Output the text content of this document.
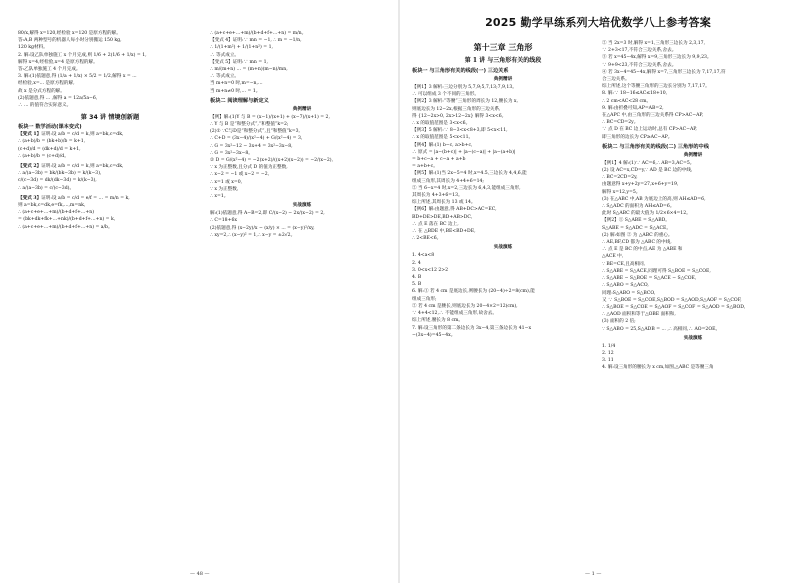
80/x,解得 x=120,经检验 x=120 是原方程的解。
答:A,B 两种型号的机器人每小时分别搬运 150 kg,
120 kg材料。
2. 解:设乙队单独施工 x 个月完成,则 1/6 + 2(1/6 + 1/x) = 1,
解得 x=4,经检验,x=4 是原方程的解。
答:乙队单独施工 4 个月完成。
3. 解:(1)依题意,得 (1/a + 1/x) × 5/2 = 1/2,解得 x = ...
经检验,x=... 是原方程的解,
故 x 是分式方程的解。
(2)依题意,得 ... ,解得 a = 12a/5a−6,
∴ ... 的值符合实际意义。
第 34 讲 情境创新题
板块一 数学活动(课本变式)
【变式 1】证明:设 a/b = c/d = k,则 a=bk,c=dk,
∴ (a+b)/b = (bk+b)/b = k+1,
(c+d)/d = (dk+d)/d = k+1,
∴ (a+b)/b = (c+d)/d。
【变式 2】证明:设 a/b = c/d = k,则 a=bk,c=dk,
∴ a/(a−3b) = bk/(bk−3b) = k/(k−3),
c/(c−3d) = dk/(dk−3d) = k/(k−3),
∴ a/(a−3b) = c/(c−3d)。
【变式 3】证明:设 a/b = c/d = e/f = … = m/n = k,
则 a=bk,c=dk,e=fk,…,m=nk,
∴ (a+c+e+…+m)/(b+d+f+…+n)
= (bk+dk+fk+…+nk)/(b+d+f+…+n) = k,
∴ (a+c+e+…+m)/(b+d+f+…+n) = a/b。
∴ (a+c+e+…+m)/(b+d+f+…+n) = m/n。
【变式 4】证明:∵ mn = −1, ∴ m = −1/n,
∴ 1/(1+m²) + 1/(1+n²) = 1,
∴ 等式成立。
【变式 5】证明:∵ mn = 1,
∴ m/(m+n) … = (m+n)(m−n)/mn,
∴ 等式成立。
当 m+n=0 时,m=−n,…
当 m+n≠0 时,… = 1。
板块二 阅读理解与新定义
典例精讲
【例】解:(1)Y 与 B = (x−1)/(x+1) + (x−7)/(x+1) = 2,
∴ Y 与 B 是“和整分式”,“和整值”k=2;
(2)① ∵C与D是“和整分式”,且“和整值”k=3,
∴ C+D = (3x−4)/(x²−4) + G/(x²−4) = 3,
∴ G = 3x²−12 − 3x+4 = 3x²−3x−8,
∴ G = 3x²−3x−8。
② D = G/(x²−4) = −2(x+2)/((x+2)(x−2)) = −2/(x−2),
∵ x 为正整数,且分式 D 的值为正整数,
∴ x−2 = −1 或 x−2 = −2,
∴ x=1 或 x=0,
∵ x 为正整数,
∴ x=1。
实战演练
解:(1)依题意,得 A−B=2,即 C/(x−2) − 2x/(x−2) = 2,
∴ C=18+6x
(2)依题意,得 (x−2y)/x − (x/y) × ... = (x−y)²/xy,
∴ xy=2,∴ (x−y)² = 1,∴ x−y = ±2√2。
— 48 —
2025 勤学早练系列大培优数学八上参考答案
第十三章 三角形
第 1 讲 与三角形有关的线段
板块一 与三角形有关的线段(一) 三边关系
典例精讲
【例1】3 解析:三边分别为 5,7,9;5,7,13;7,9,13。
∴ 可以组成 3 个不同的三角形。
【例2】3 解析:“等腰”三角形的周长为 12,腰长为 x,
则底边长为 12−2x,根据三角形的三边关系,
得 {12−2x>0, 2x>12−2x} 解得 3<x<6。
∴ x 的取值范围是 3<x<6。
【例3】5 解析:∵ 8−3<x<8+3,即 5<x<11,
∴ x 的取值范围是 5<x<11。
【例4】解:(1) b−c, a>b+c,
∴ 原式 = |a−(b+c)| + |a−(c−a)| + |a−(a+b)|
= b+c−a + c−a + a+b
= a+b+c。
【例5】解:(1)当 2x−5=4 时,x=4.5,三边长为 4,4,6,能
组成三角形,其周长为 4+4+6=14;
② 当 6−x=4 时,x=2,三边长为 6,4,3,能组成三角形,
其周长为 4+3+6=13。
综上所述,其周长为 13 或 14。
【例6】解:由题意,得 AB+DC>AC=EC,
BD+DE>DE,BD+AB>DC,
∴ 点 E 落在 BC 边上,
∴ 在 △BDE 中,BE<BD+DE,
∴ 2<BE<6。
实战演练
1. 4<a<8
2. 4
3. 0<x<12 2>2
4. B
5. B
6. 解:① 若 4 cm 是底边长,则腰长为 (20−4)÷2=8(cm),能
组成三角形;
② 若 4 cm 是腰长,则底边长为 20−4×2=12(cm),
∵ 4+4<12,∴ 不能组成三角形,故舍去。
综上所述,腰长为 8 cm。
7. 解:设三角形的第二条边长为 3x−4,第三条边长为 41−x
−(3x−4)=45−4x。
② 当 2x=3 时,解得 x=1,三角形三边长为 2,3,17,
∵ 2+3<17,不符合三边关系,舍去。
③ 若 x=45−4x,解得 x=9,三角形三边长为 9,9,23。
∵ 9+9<23,不符合三边关系,舍去。
④ 若 3x−4=45−4x,解得 x=7,三角形三边长为 7,17,17,符
合三边关系。
综上所述,这个等腰三角形的三边长分别为 7,17,17。
8. 解:∵ 18−16≤AC≤18+10,
∴ 2 cm<AC<28 cm。
9. 解:由折叠可知,AP=AB=2,
在△APC 中,由三角形的三边关系得 CP>AC−AP,
∴ BC=CD=2y。
∵ 点 D 在 BC 边上运动时,总有 CP>AC−AP,
即三角形的边长为 CP≥AC−AP。
板块二 与三角形有关的线段(二) 三角形的中线
典例精讲
【例1】4 解:(1)∵ AC=6,∴ AB=3,AC=5。
(2) 设 AC=x,CD=y,∵ AD 是 BC 边的中线,
∴ BC=2CD=2y,
由题意得 x+y+2y=27,x+6+y=19,
解得 x=12,y=5。
(3) 在△ABC 中,AB 为底边上的高,则 AH≤AD=6,
∴ S△ADC 的面积为 AH≤AD=6。
此时 S△ABC 的最大值为 1/2×6×4=12。
【例2】① S△ABE = S△ABD。
S△ABE = S△ADC = S△ACE。
(2) 解:如图 ② 为 △ABC 的重心。
∴ AE,BF,CD 都为 △ABC 的中线,
∴ 点 E 是 BC 的中点,AE 为 △ABE 和
△ACE 中,
∵ BE=CE,且高相同,
∴ S△ABE = S△ACE,同理可得 S△BOE = S△COE,
∴ S△ABE − S△BOE = S△ACE − S△COE,
∴ S△ABO = S△ACO,
同理:S△ABO = S△BCO,
又 ∵ S△BOE = S△COE,S△BOD = S△AOD,S△AOF = S△COF,
∴ S△BOE = S△COE = S△AOF = S△COF = S△AOD = S△BOD,
∴ △AOD 面积和等于△OBE 面积和,
(3) 面积的 2 倍;
∵ S△ABO = 25,S△ADB = ... ,∴ 高相同,∴ AO=2OE。
实战演练
1. 1/4
2. 12
3. 11
4. 解:设三角形的腰长为 x cm,如图,△ABC 是等腰三角
— 1 —
